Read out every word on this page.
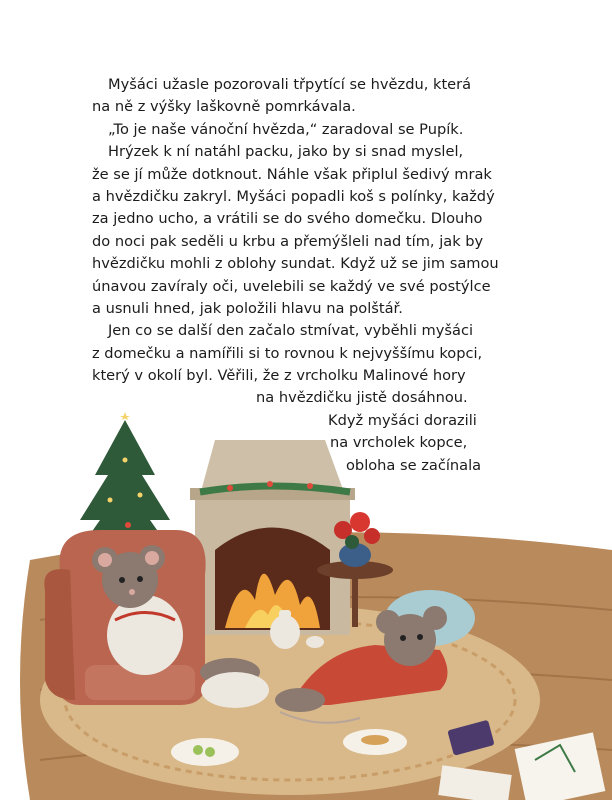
Myšáci užasle pozorovali třpytící se hvězdu, která
na ně z výšky laškovně pomrkávala.
„To je naše vánoční hvězda,“ zaradoval se Pupík.
Hrýzek k ní natáhl packu, jako by si snad myslel,
že se jí může dotknout. Náhle však připlul šedivý mrak
a hvězdičku zakryl. Myšáci popadli koš s polínky, každý
za jedno ucho, a vrátili se do svého domečku. Dlouho
do noci pak seděli u krbu a přemýšleli nad tím, jak by
hvězdičku mohli z oblohy sundat. Když už se jim samou
únavou zavíraly oči, uvelebili se každý ve své postýlce
a usnuli hned, jak položili hlavu na polštář.
Jen co se další den začalo stmívat, vyběhli myšáci
z domečku a namířili si to rovnou k nejvyššímu kopci,
který v okolí byl. Věřili, že z vrcholku Malinové hory
na hvězdičku jistě dosáhnou.
Když myšáci dorazili
na vrcholek kopce,
obloha se začínala
